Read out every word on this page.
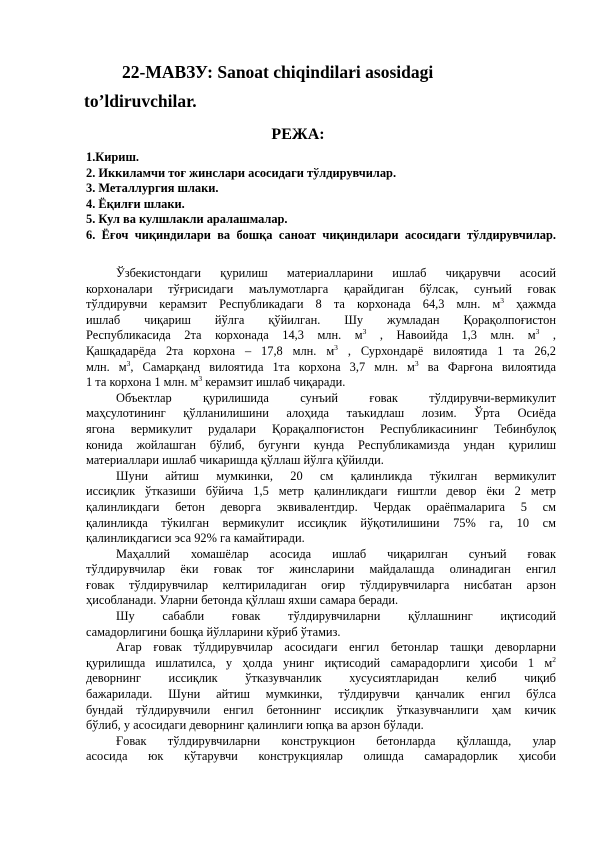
22-МАВЗУ: Sanoat chiqindilari asosidagi
to’ldiruvchilar.
РЕЖА:
1.Кириш.
2. Иккиламчи тоғ жинслари асосидаги тўлдирувчилар.
3. Металлургия шлаки.
4. Ёқилғи шлаки.
5. Кул ва кулшлакли аралашмалар.
6. Ёғоч чиқиндилари ва бошқа саноат чиқиндилари асосидаги тўлдирувчилар.
Ўзбекистондаги қурилиш материалларини ишлаб чиқарувчи асосий
корхоналари тўғрисидаги маълумотларга қарайдиган бўлсак, сунъий ғовак
тўлдирувчи керамзит Республикадаги 8 та корхонада 64,3 млн. $м^3$ ҳажмда
ишлаб чиқариш йўлга қўйилган. Шу жумладан Қорақолпоғистон
Республикасида 2та корхонада 14,3 млн. $м^3$ , Навоийда 1,3 млн. $м^3$ ,
Қашқадарёда 2та корхона – 17,8 млн. $м^3$ , Сурхондарё вилоятида 1 та 26,2
млн. $м^3$, Самарқанд вилоятида 1та корхона 3,7 млн. $м^3$ ва Фарғона вилоятида
1 та корхона 1 млн. $м^3$ керамзит ишлаб чиқаради.
Объектлар қурилишида сунъий ғовак тўлдирувчи-вермикулит
маҳсулотининг қўлланилишини алоҳида таъкидлаш лозим. Ўрта Осиёда
ягона вермикулит рудалари Қорақалпоғистон Республикасининг Тебинбулоқ
конида жойлашган бўлиб, бугунги кунда Республикамизда ундан қурилиш
материаллари ишлаб чикаришда қўллаш йўлга қўйилди.
Шуни айтиш мумкинки, 20 см қалинликда тўкилган вермикулит
иссиқлик ўтказиши бўйича 1,5 метр қалинликдаги ғиштли девор ёки 2 метр
қалинликдаги бетон деворга эквивалентдир. Чердак ораёпмаларига 5 см
қалинликда тўкилган вермикулит иссиқлик йўқотилишини 75% га, 10 см
қалинликдагиси эса 92% га камайтиради.
Маҳаллий хомашёлар асосида ишлаб чиқарилган сунъий ғовак
тўлдирувчилар ёки ғовак тоғ жинсларини майдалашда олинадиган енгил
ғовак тўлдирувчилар келтириладиган оғир тўлдирувчиларга нисбатан арзон
ҳисобланади. Уларни бетонда қўллаш яхши самара беради.
Шу сабабли ғовак тўлдирувчиларни қўллашнинг иқтисодий
самадорлигини бошқа йўлларини кўриб ўтамиз.
Агар ғовак тўлдирувчилар асосидаги енгил бетонлар ташқи деворларни
қурилишда ишлатилса, у ҳолда унинг иқтисодий самарадорлиги ҳисоби 1 $м^2$
деворнинг иссиқлик ўтказувчанлик хусусиятларидан келиб чиқиб
бажарилади. Шуни айтиш мумкинки, тўлдирувчи қанчалик енгил бўлса
бундай тўлдирувчили енгил бетоннинг иссиқлик ўтказувчанлиги ҳам кичик
бўлиб, у асосидаги деворнинг қалинлиги юпқа ва арзон бўлади.
Ғовак тўлдирувчиларни конструкцион бетонларда қўллашда, улар
асосида юк кўтарувчи конструкциялар олишда самарадорлик ҳисоби
